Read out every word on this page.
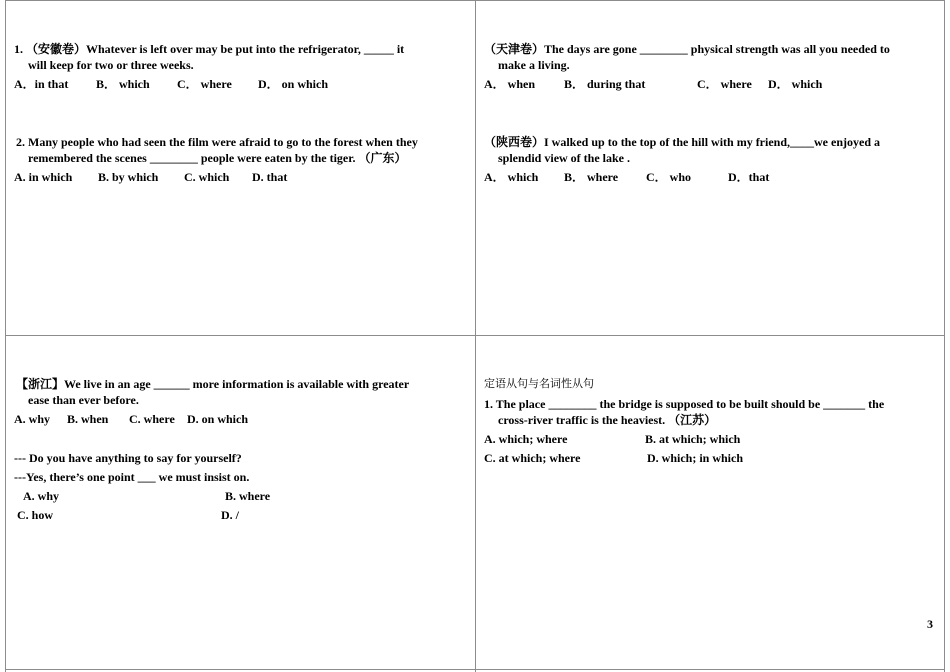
1. （安徽卷）Whatever is left over may be put into the refrigerator, _____ it

will keep for two or three weeks.

A．in that

B． which

C． where

D． on which

2. Many people who had seen the film were afraid to go to the forest when they

remembered the scenes ________ people were eaten by the tiger. （广东）

A. in which

B. by which

C. which

D. that

（天津卷）The days are gone ________ physical strength was all you needed to

make a living.

A． when

B． during that

	C． where

D． which

（陕西卷）I walked up to the top of the hill with my friend,____we enjoyed a

splendid view of the lake .

A． which

B． where

C． who

	D．that

【浙江】We live in an age ______ more information is available with greater

ease than ever before.

A. why

B. when

C. where

D. on which

--- Do you have anything to say for yourself?

---Yes, there’s one point ___ we must insist on.

A. why

	B. where

C. how

	D. /

定语从句与名词性从句

1. The place ________ the bridge is supposed to be built should be _______ the

cross-river traffic is the heaviest. （江苏）

A. which; where

	B. at which; which

C. at which; where

	D. which; in which

3
